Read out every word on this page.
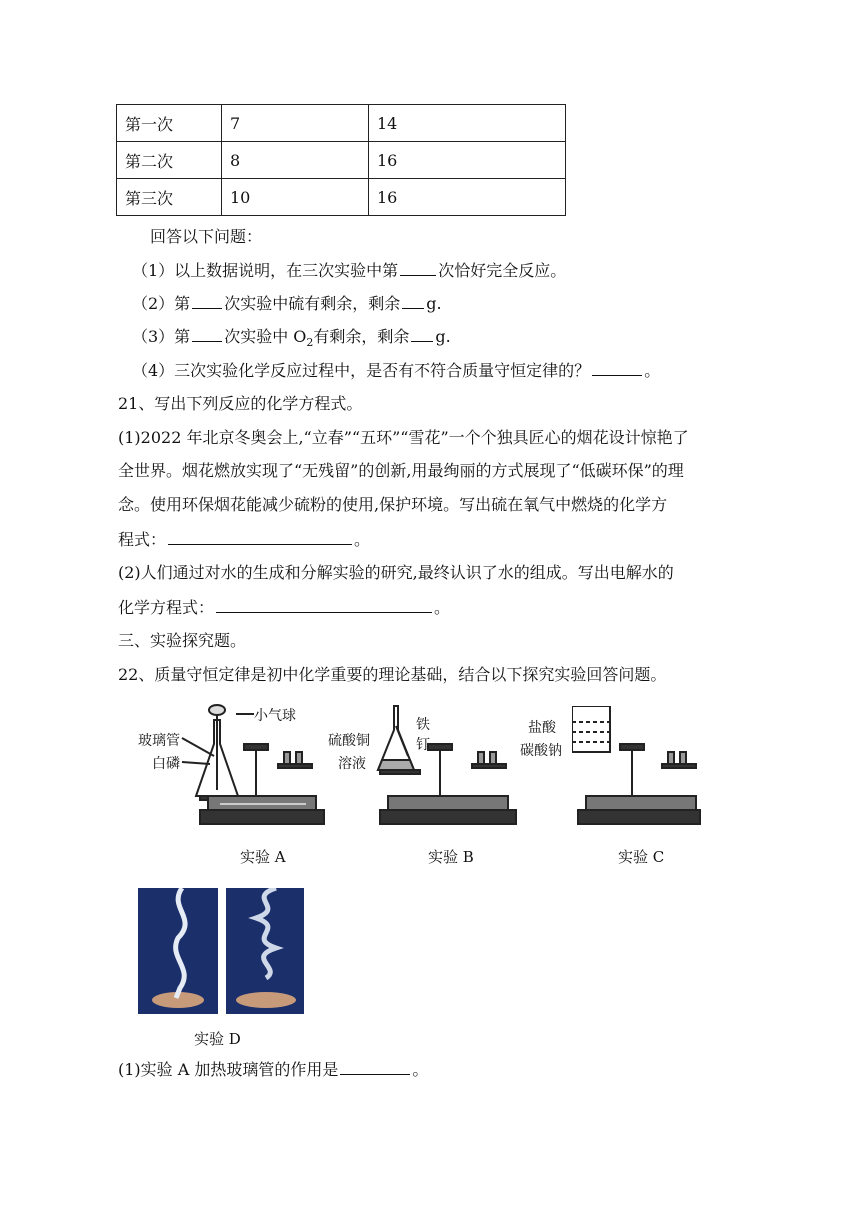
第一次	7	14
第二次	8	16
第三次	10	16
回答以下问题：
（1）以上数据说明，在三次实验中第	次恰好完全反应。
（2）第 次实验中硫有剩余，剩余 g.
（3）第 次实验中 $O_2$有剩余，剩余 g.
（4）三次实验化学反应过程中，是否有不符合质量守恒定律的？	。
21、写出下列反应的化学方程式。
(1)2022 年北京冬奥会上,“立春”“五环”“雪花”一个个独具匠心的烟花设计惊艳了
全世界。烟花燃放实现了“无残留”的创新,用最绚丽的方式展现了“低碳环保”的理
念。使用环保烟花能减少硫粉的使用,保护环境。写出硫在氧气中燃烧的化学方
程式：	。
(2)人们通过对水的生成和分解实验的研究,最终认识了水的组成。写出电解水的
化学方程式：	。
三、实验探究题。
22、质量守恒定律是初中化学重要的理论基础，结合以下探究实验回答问题。
玻璃管
小气球
白磷
硫酸铜
溶液
铁
钉
盐酸
碳酸钠
实验 A	实验 B	实验 C
实验 D
(1)实验 A 加热玻璃管的作用是	。
